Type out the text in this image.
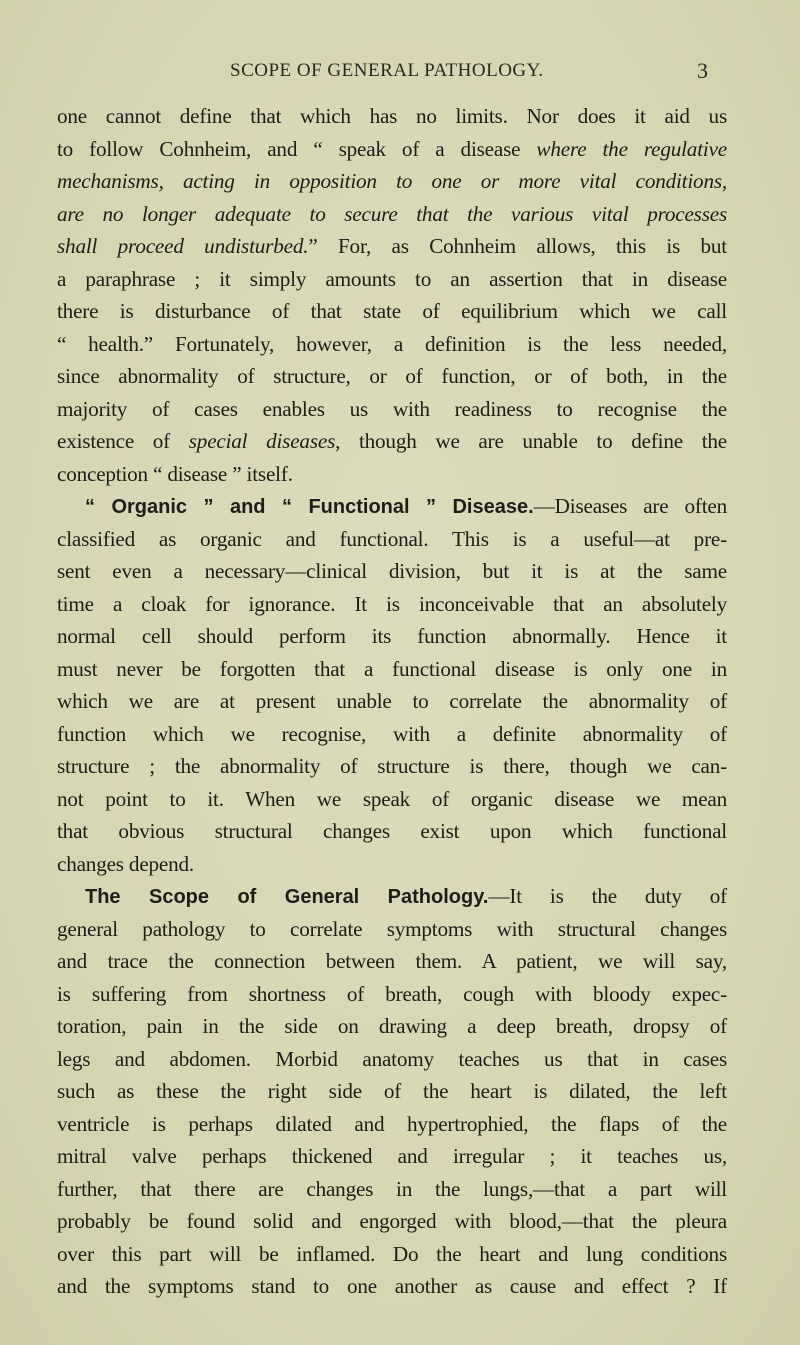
SCOPE OF GENERAL PATHOLOGY.	3
one cannot define that which has no limits. Nor does it aid us
to follow Cohnheim, and “ speak of a disease where the regulative
mechanisms, acting in opposition to one or more vital conditions,
are no longer adequate to secure that the various vital processes
shall proceed undisturbed.” For, as Cohnheim allows, this is but
a paraphrase ; it simply amounts to an assertion that in disease
there is disturbance of that state of equilibrium which we call
“ health.” Fortunately, however, a definition is the less needed,
since abnormality of structure, or of function, or of both, in the
majority of cases enables us with readiness to recognise the
existence of special diseases, though we are unable to define the
conception “ disease ” itself.
“ Organic ” and “ Functional ” Disease.—Diseases are often
classified as organic and functional. This is a useful—at pre-
sent even a necessary—clinical division, but it is at the same
time a cloak for ignorance. It is inconceivable that an absolutely
normal cell should perform its function abnormally. Hence it
must never be forgotten that a functional disease is only one in
which we are at present unable to correlate the abnormality of
function which we recognise, with a definite abnormality of
structure ; the abnormality of structure is there, though we can-
not point to it. When we speak of organic disease we mean
that obvious structural changes exist upon which functional
changes depend.
The Scope of General Pathology.—It is the duty of
general pathology to correlate symptoms with structural changes
and trace the connection between them. A patient, we will say,
is suffering from shortness of breath, cough with bloody expec-
toration, pain in the side on drawing a deep breath, dropsy of
legs and abdomen. Morbid anatomy teaches us that in cases
such as these the right side of the heart is dilated, the left
ventricle is perhaps dilated and hypertrophied, the flaps of the
mitral valve perhaps thickened and irregular ; it teaches us,
further, that there are changes in the lungs,—that a part will
probably be found solid and engorged with blood,—that the pleura
over this part will be inflamed. Do the heart and lung conditions
and the symptoms stand to one another as cause and effect ? If
